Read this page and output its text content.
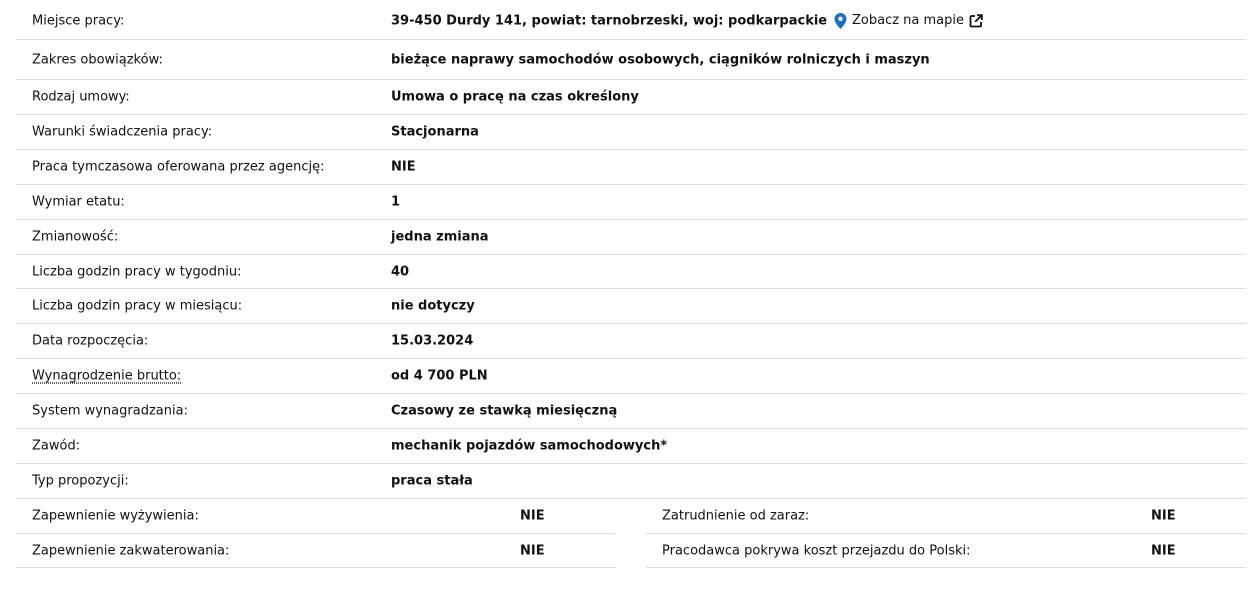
Miejsce pracy:	39-450 Durdy 141, powiat: tarnobrzeski, woj: podkarpackie Zobacz na mapie
Zakres obowiązków:	bieżące naprawy samochodów osobowych, ciągników rolniczych i maszyn
Rodzaj umowy:	Umowa o pracę na czas określony
Warunki świadczenia pracy:	Stacjonarna
Praca tymczasowa oferowana przez agencję:	NIE
Wymiar etatu:	1
Zmianowość:	jedna zmiana
Liczba godzin pracy w tygodniu:	40
Liczba godzin pracy w miesiącu:	nie dotyczy
Data rozpoczęcia:	15.03.2024
Wynagrodzenie brutto:	od 4 700 PLN
System wynagradzania:	Czasowy ze stawką miesięczną
Zawód:	mechanik pojazdów samochodowych*
Typ propozycji:	praca stała
Zapewnienie wyżywienia:	NIE
Zapewnienie zakwaterowania:	NIE
Zatrudnienie od zaraz:	NIE
Pracodawca pokrywa koszt przejazdu do Polski:	NIE
